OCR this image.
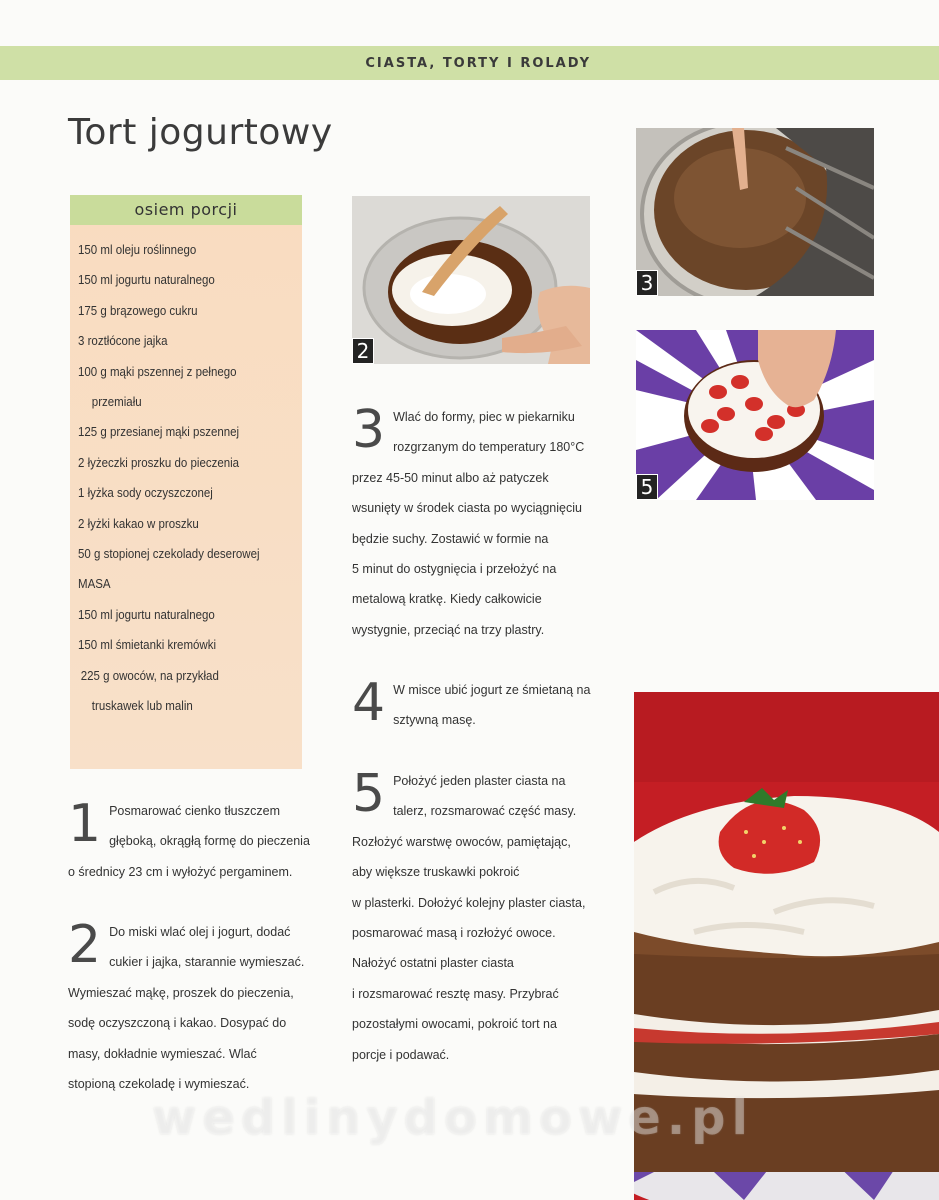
CIASTA, TORTY I ROLADY
Tort jogurtowy
osiem porcji
150 ml oleju roślinnego
150 ml jogurtu naturalnego
175 g brązowego cukru
3 roztłócone jajka
100 g mąki pszennej z pełnego
przemiału
125 g przesianej mąki pszennej
2 łyżeczki proszku do pieczenia
1 łyżka sody oczyszczonej
2 łyżki kakao w proszku
50 g stopionej czekolady deserowej
MASA
150 ml jogurtu naturalnego
150 ml śmietanki kremówki
225 g owoców, na przykład
truskawek lub malin
1 Posmarować cienko tłuszczem

głęboką, okrągłą formę do pieczenia

o średnicy 23 cm i wyłożyć pergaminem.

2 Do miski wlać olej i jogurt, dodać

cukier i jajka, starannie wymieszać.

Wymieszać mąkę, proszek do pieczenia,

sodę oczyszczoną i kakao. Dosypać do

masy, dokładnie wymieszać. Wlać

stopioną czekoladę i wymieszać.

3 Wlać do formy, piec w piekarniku

rozgrzanym do temperatury 180°C

przez 45-50 minut albo aż patyczek

wsunięty w środek ciasta po wyciągnięciu

będzie suchy. Zostawić w formie na

5 minut do ostygnięcia i przełożyć na

metalową kratkę. Kiedy całkowicie

wystygnie, przeciąć na trzy plastry.

4 W misce ubić jogurt ze śmietaną na

sztywną masę.

5 Położyć jeden plaster ciasta na

talerz, rozsmarować część masy.

Rozłożyć warstwę owoców, pamiętając,

aby większe truskawki pokroić

w plasterki. Dołożyć kolejny plaster ciasta,

posmarować masą i rozłożyć owoce.

Nałożyć ostatni plaster ciasta

i rozsmarować resztę masy. Przybrać

pozostałymi owocami, pokroić tort na

porcje i podawać.

2
3
5
wedlinydomowe.pl
